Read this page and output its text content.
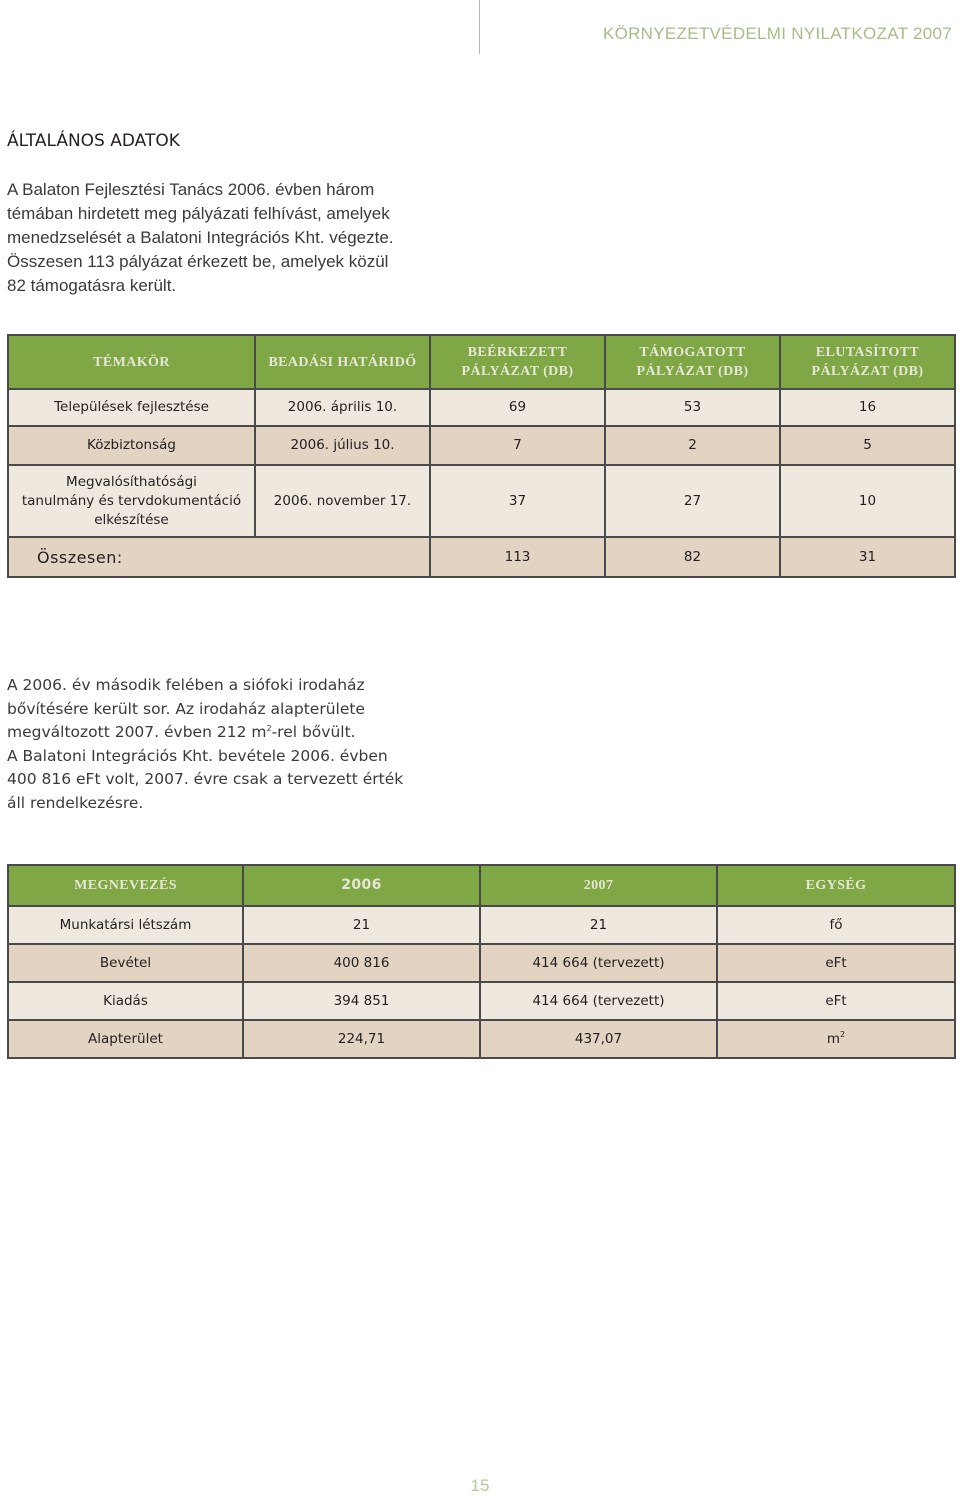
KÖRNYEZETVÉDELMI NYILATKOZAT 2007
ÁLTALÁNOS ADATOK

A Balaton Fejlesztési Tanács 2006. évben három
témában hirdetett meg pályázati felhívást, amelyek
menedzselését a Balatoni Integrációs Kht. végezte.
Összesen 113 pályázat érkezett be, amelyek közül
82 támogatásra került.

TÉMAKÖR	BEADÁSI HATÁRIDŐ	BEÉRKEZETT
PÁLYÁZAT (DB)	TÁMOGATOTT
PÁLYÁZAT (DB)	ELUTASÍTOTT
PÁLYÁZAT (DB)
Települések fejlesztése	2006. április 10.	69	53	16
Közbiztonság	2006. július 10.	7	2	5
Megvalósíthatósági
tanulmány és tervdokumentáció
elkészítése	2006. november 17.	37	27	10
Összesen:		113	82	31

A 2006. év második felében a siófoki irodaház
bővítésére került sor. Az irodaház alapterülete
megváltozott 2007. évben 212 $m^2$-rel bővült.
A Balatoni Integrációs Kht. bevétele 2006. évben
400 816 eFt volt, 2007. évre csak a tervezett érték
áll rendelkezésre.

MEGNEVEZÉS	2006	2007	EGYSÉG
Munkatársi létszám	21	21	fő
Bevétel	400 816	414 664 (tervezett)	eFt
Kiadás	394 851	414 664 (tervezett)	eFt
Alapterület	224,71	437,07	$m^2$
15
